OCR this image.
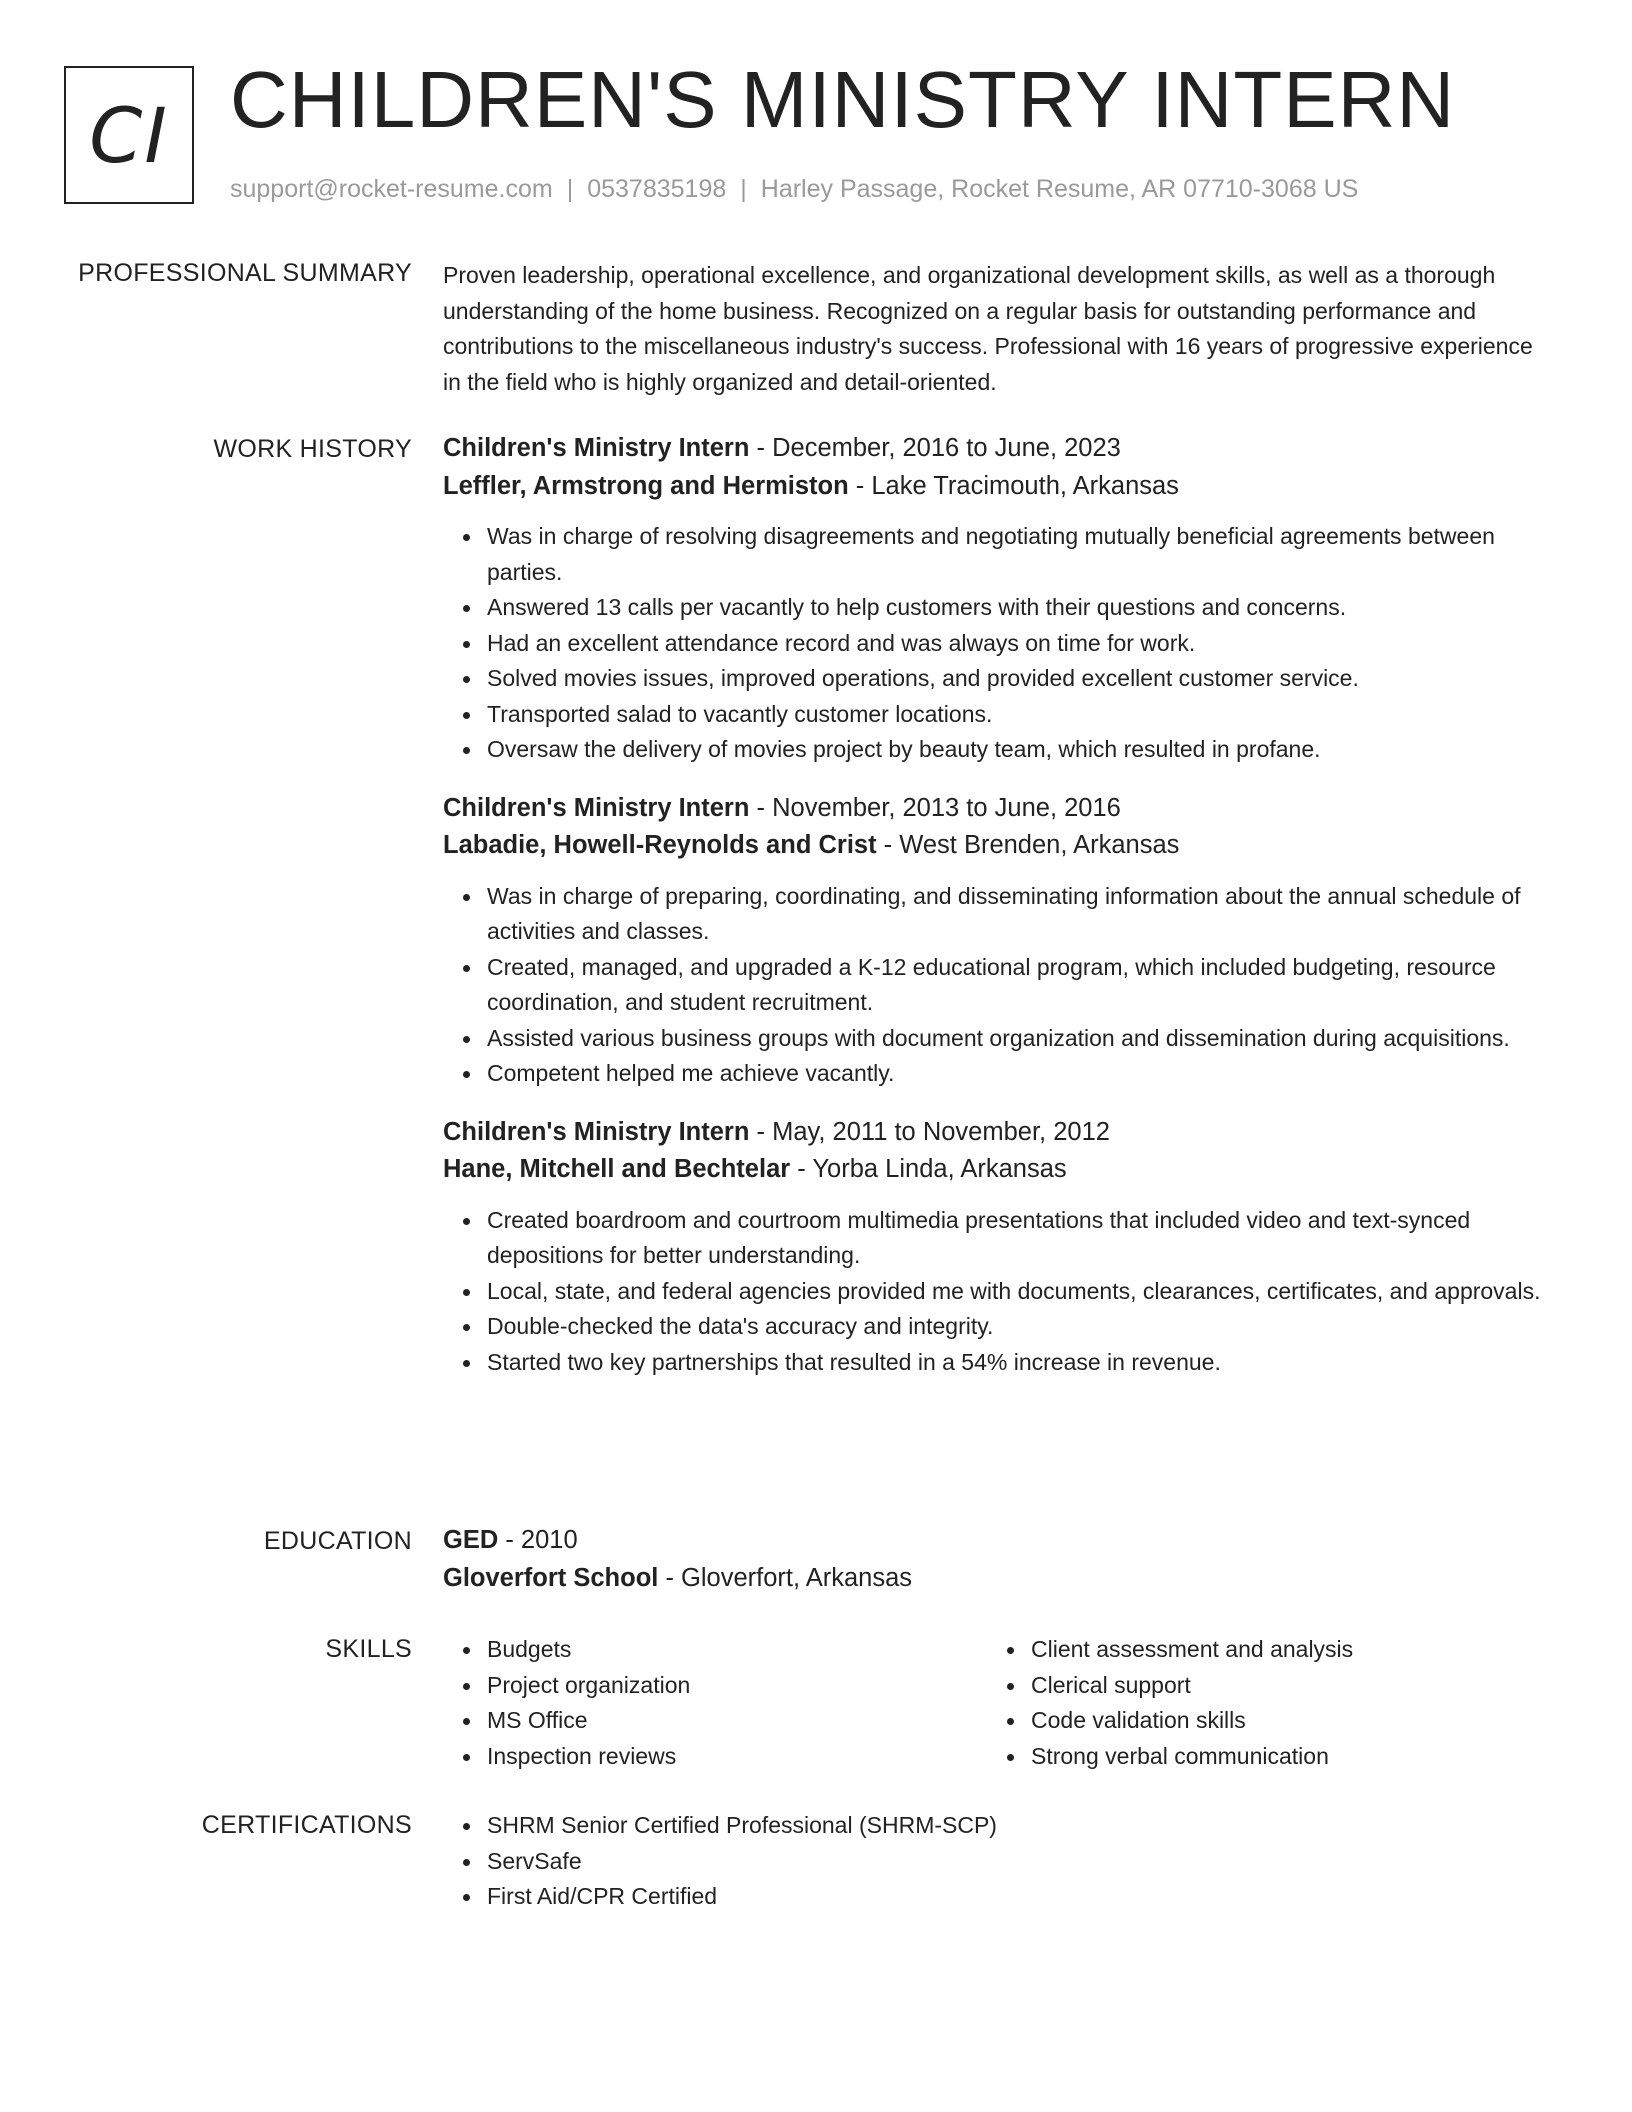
CI CHILDREN'S MINISTRY INTERN
support@rocket-resume.com | 0537835198 | Harley Passage, Rocket Resume, AR 07710-3068 US
PROFESSIONAL SUMMARY Proven leadership, operational excellence, and organizational development skills, as well as a thorough understanding of the home business. Recognized on a regular basis for outstanding performance and contributions to the miscellaneous industry's success. Professional with 16 years of progressive experience in the field who is highly organized and detail-oriented.

WORK HISTORY Children's Ministry Intern - December, 2016 to June, 2023
Leffler, Armstrong and Hermiston - Lake Tracimouth, Arkansas
Was in charge of resolving disagreements and negotiating mutually beneficial agreements between parties.
Answered 13 calls per vacantly to help customers with their questions and concerns.
Had an excellent attendance record and was always on time for work.
Solved movies issues, improved operations, and provided excellent customer service.
Transported salad to vacantly customer locations.
Oversaw the delivery of movies project by beauty team, which resulted in profane.
Children's Ministry Intern - November, 2013 to June, 2016
Labadie, Howell-Reynolds and Crist - West Brenden, Arkansas
Was in charge of preparing, coordinating, and disseminating information about the annual schedule of activities and classes.
Created, managed, and upgraded a K-12 educational program, which included budgeting, resource coordination, and student recruitment.
Assisted various business groups with document organization and dissemination during acquisitions.
Competent helped me achieve vacantly.
Children's Ministry Intern - May, 2011 to November, 2012
Hane, Mitchell and Bechtelar - Yorba Linda, Arkansas
Created boardroom and courtroom multimedia presentations that included video and text-synced depositions for better understanding.
Local, state, and federal agencies provided me with documents, clearances, certificates, and approvals.
Double-checked the data's accuracy and integrity.
Started two key partnerships that resulted in a 54% increase in revenue.
EDUCATION GED - 2010
Gloverfort School - Gloverfort, Arkansas
SKILLS	Budgets
Project organization
MS Office
Inspection reviews
Client assessment and analysis
Clerical support
Code validation skills
Strong verbal communication
CERTIFICATIONS	SHRM Senior Certified Professional (SHRM-SCP)
ServSafe
First Aid/CPR Certified
